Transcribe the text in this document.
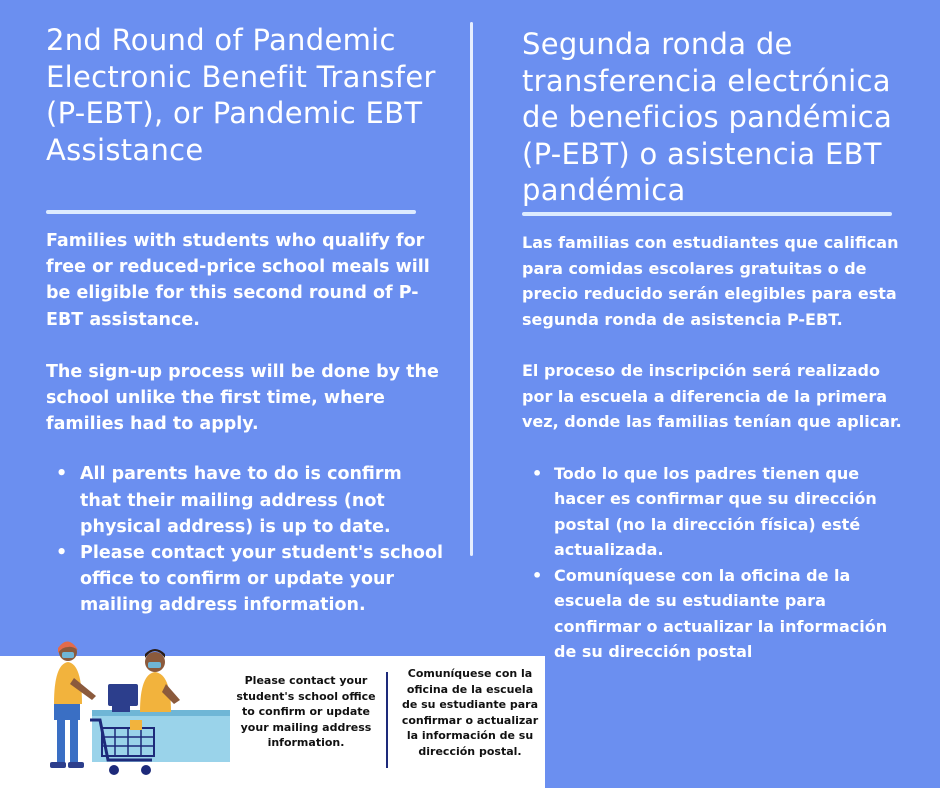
2nd Round of Pandemic Electronic Benefit Transfer (P-EBT), or Pandemic EBT Assistance

Families with students who qualify for free or reduced-price school meals will be eligible for this second round of P-EBT assistance.

The sign-up process will be done by the school unlike the first time, where families had to apply.

• All parents have to do is confirm that their mailing address (not physical address) is up to date.
• Please contact your student's school office to confirm or update your mailing address information.
Segunda ronda de transferencia electrónica de beneficios pandémica (P-EBT) o asistencia EBT pandémica

Las familias con estudiantes que califican para comidas escolares gratuitas o de precio reducido serán elegibles para esta segunda ronda de asistencia P-EBT.

El proceso de inscripción será realizado por la escuela a diferencia de la primera vez, donde las familias tenían que aplicar.

• Todo lo que los padres tienen que hacer es confirmar que su dirección postal (no la dirección física) esté actualizada.
• Comuníquese con la oficina de la escuela de su estudiante para confirmar o actualizar la información de su dirección postal
Please contact your student's school office to confirm or update your mailing address information.
Comuníquese con la oficina de la escuela de su estudiante para confirmar o actualizar la información de su dirección postal.
